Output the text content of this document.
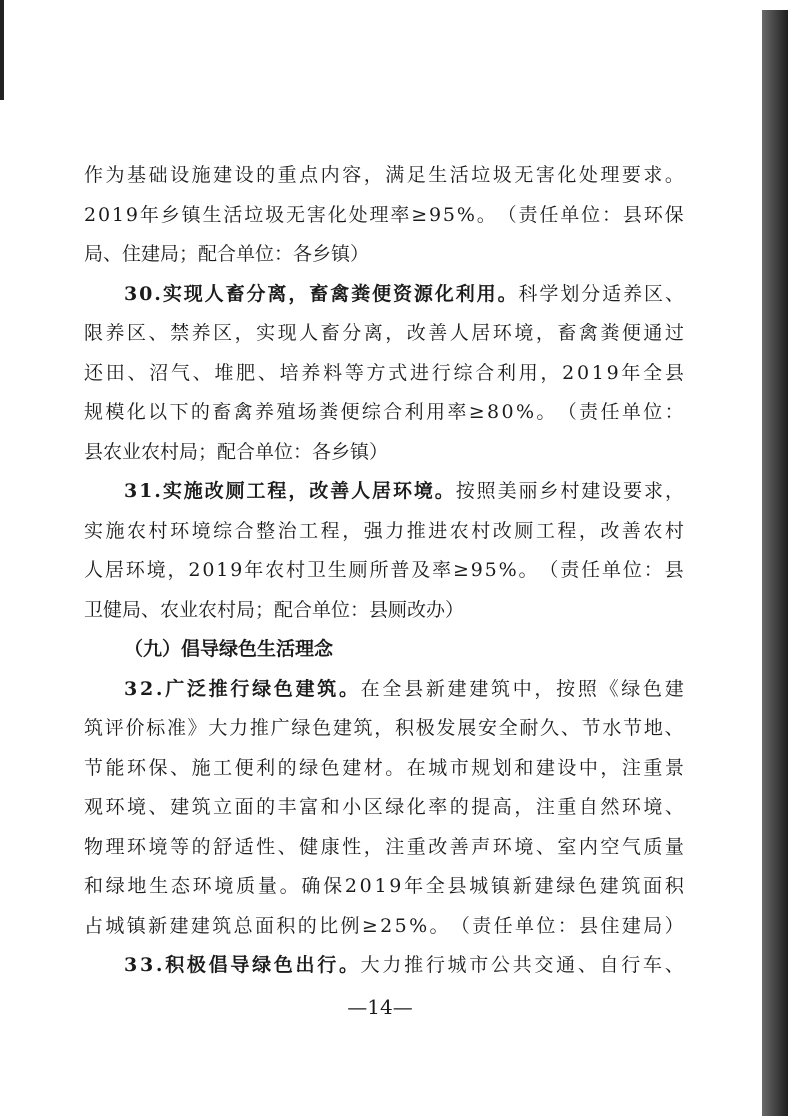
作 为 基 础 设 施 建 设 的 重 点 内 容 ， 满 足 生 活 垃 圾 无 害 化 处 理 要 求 。
2 0 1 9 年 乡 镇 生 活 垃 圾 无 害 化 处 理 率 ≥ 9 5 % 。 （ 责 任 单 位 ： 县 环 保
局、住建局；配合单位：各乡镇）
3 0 . 实 现 人 畜 分 离 ， 畜 禽 粪 便 资 源 化 利 用 。 科 学 划 分 适 养 区 、
限 养 区 、 禁 养 区 ， 实 现 人 畜 分 离 ， 改 善 人 居 环 境 ， 畜 禽 粪 便 通 过
还 田 、 沼 气 、 堆 肥 、 培 养 料 等 方 式 进 行 综 合 利 用 ， 2 0 1 9 年 全 县
规 模 化 以 下 的 畜 禽 养 殖 场 粪 便 综 合 利 用 率 ≥ 8 0 % 。 （ 责 任 单 位 ：
县农业农村局；配合单位：各乡镇）
3 1 . 实 施 改 厕 工 程 ， 改 善 人 居 环 境 。 按 照 美 丽 乡 村 建 设 要 求 ，
实 施 农 村 环 境 综 合 整 治 工 程 ， 强 力 推 进 农 村 改 厕 工 程 ， 改 善 农 村
人 居 环 境 ， 2 0 1 9 年 农 村 卫 生 厕 所 普 及 率 ≥ 9 5 % 。 （ 责 任 单 位 ： 县
卫健局、农业农村局；配合单位：县厕改办）
（九）倡导绿色生活理念
3 2 . 广 泛 推 行 绿 色 建 筑 。 在 全 县 新 建 建 筑 中 ， 按 照 《 绿 色 建
筑 评 价 标 准 》 大 力 推 广 绿 色 建 筑 ， 积 极 发 展 安 全 耐 久 、 节 水 节 地 、
节 能 环 保 、 施 工 便 利 的 绿 色 建 材 。 在 城 市 规 划 和 建 设 中 ， 注 重 景
观 环 境 、 建 筑 立 面 的 丰 富 和 小 区 绿 化 率 的 提 高 ， 注 重 自 然 环 境 、
物 理 环 境 等 的 舒 适 性 、 健 康 性 ， 注 重 改 善 声 环 境 、 室 内 空 气 质 量
和 绿 地 生 态 环 境 质 量 。 确 保 2 0 1 9 年 全 县 城 镇 新 建 绿 色 建 筑 面 积
占 城 镇 新 建 建 筑 总 面 积 的 比 例 ≥ 2 5 % 。 （ 责 任 单 位 ： 县 住 建 局 ）
3 3 . 积 极 倡 导 绿 色 出 行 。 大 力 推 行 城 市 公 共 交 通 、 自 行 车 、
—14—
